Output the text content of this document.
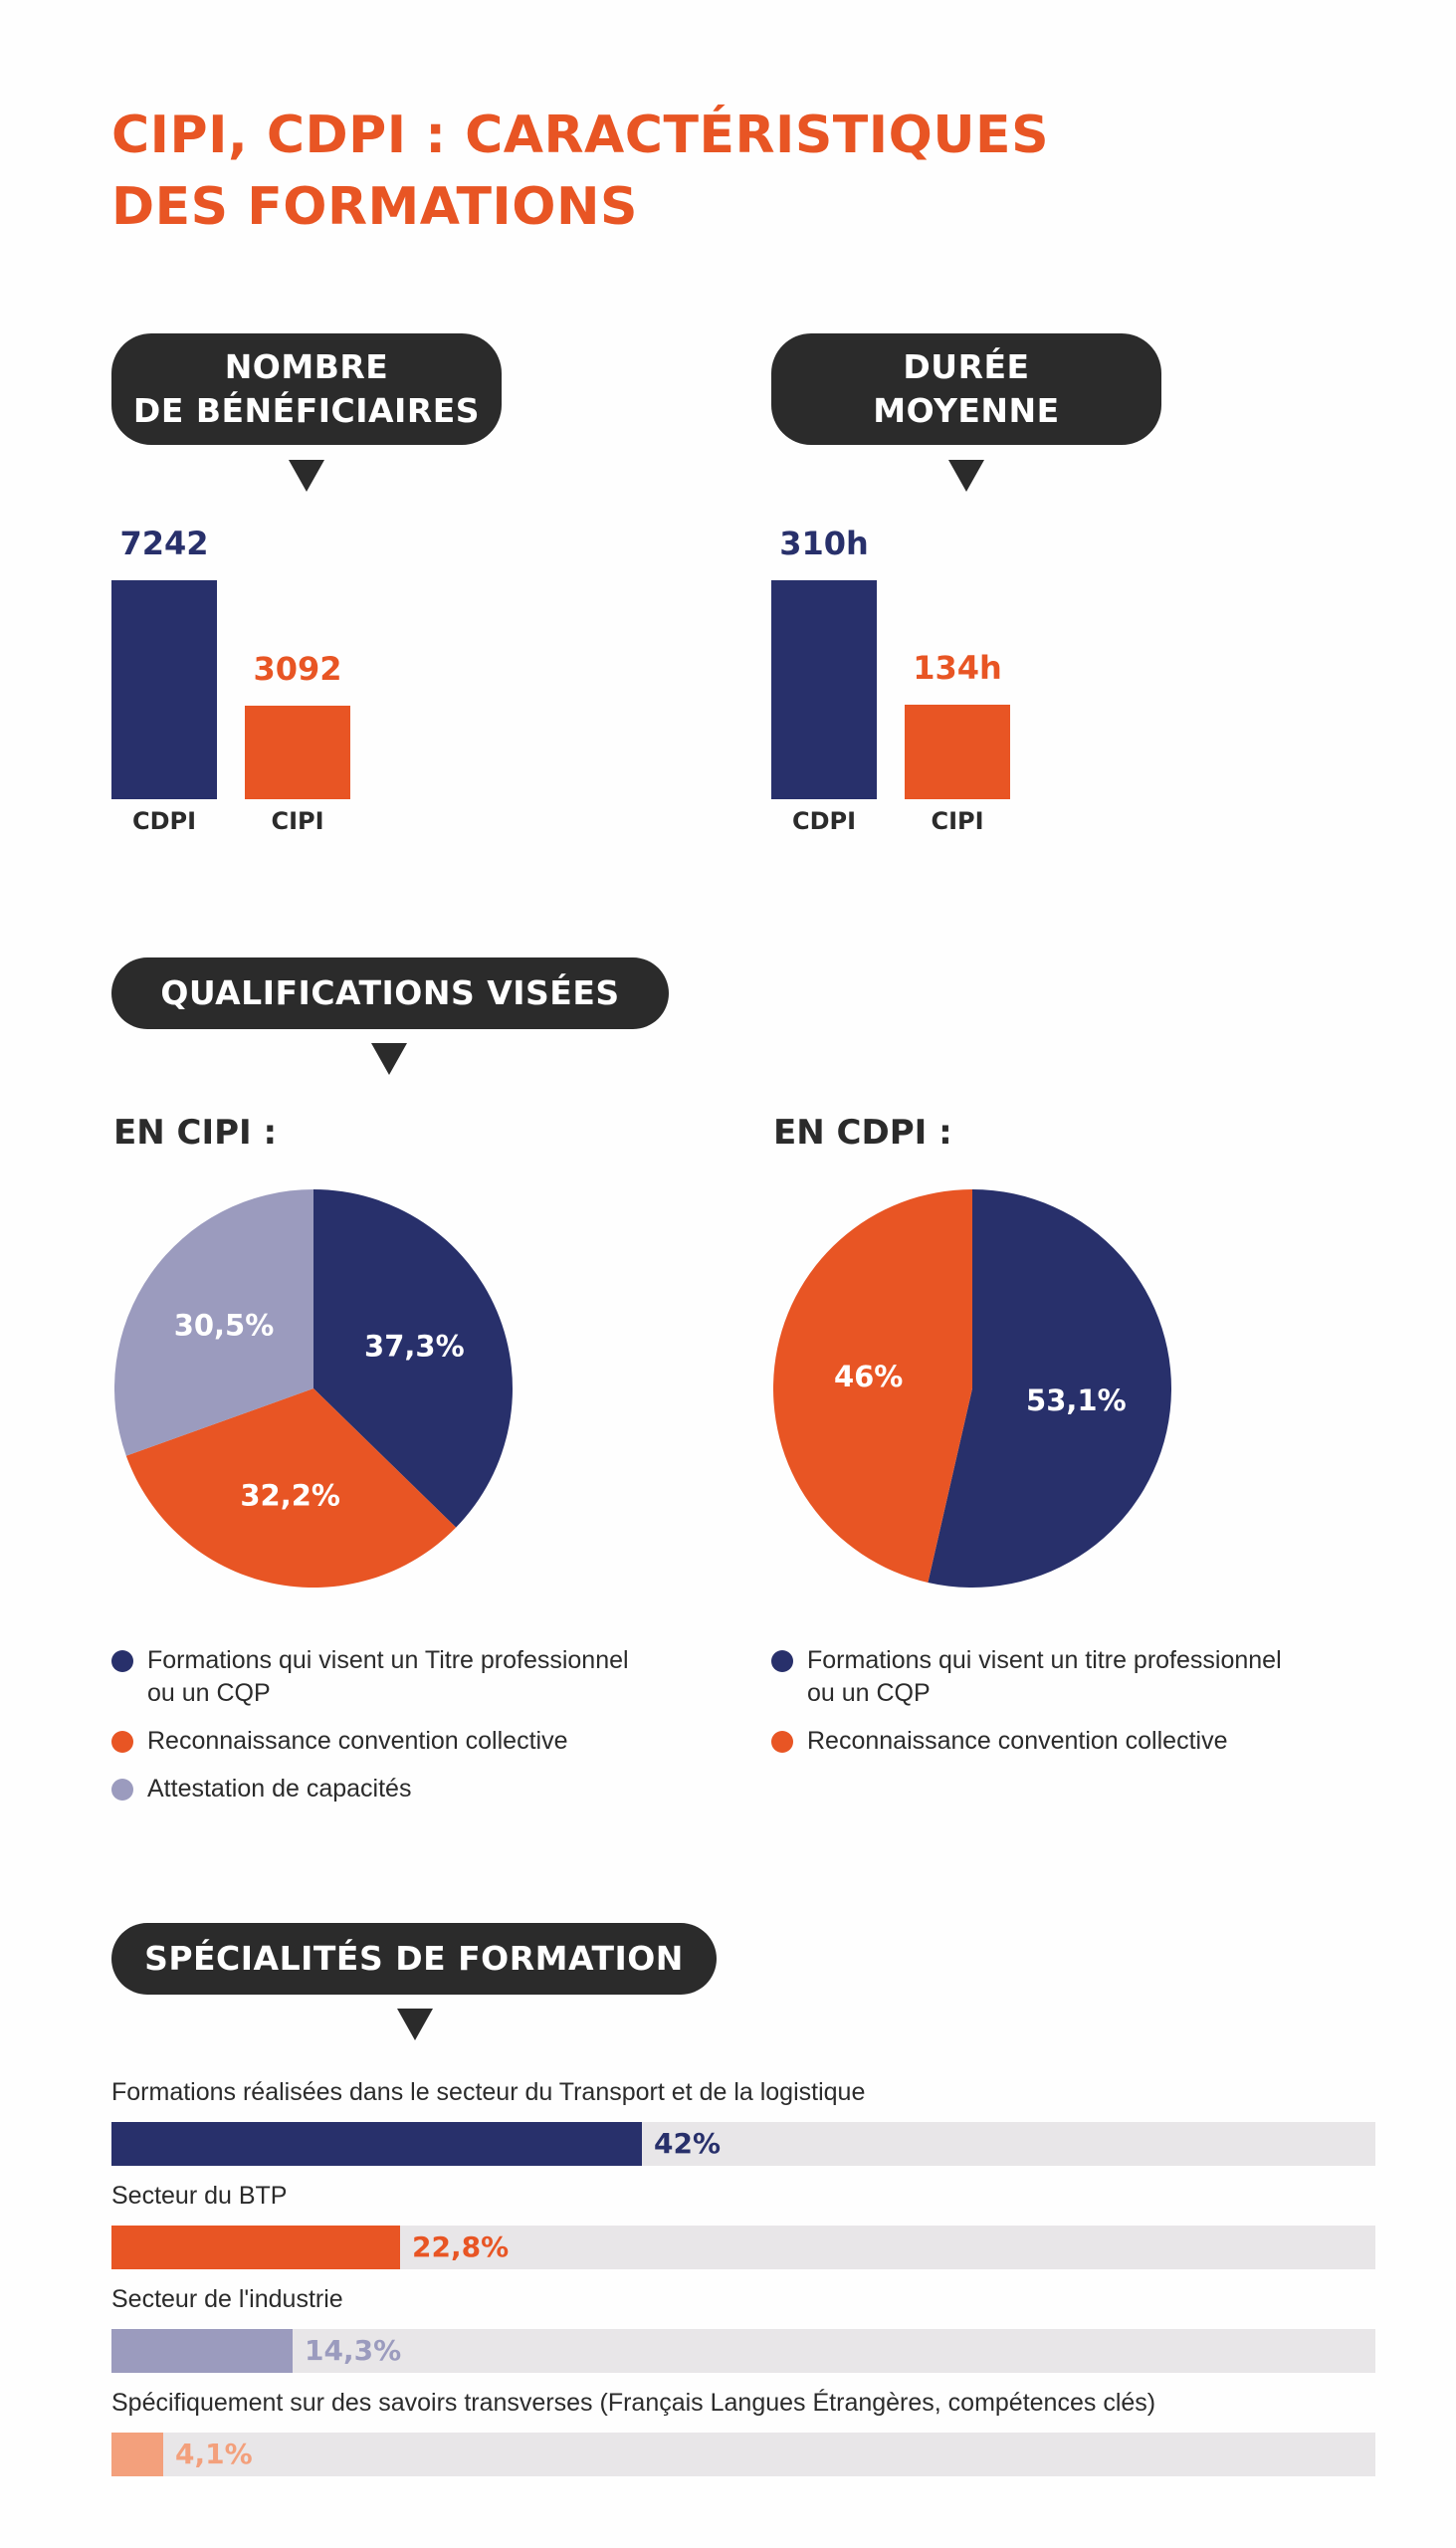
CIPI, CDPI : CARACTÉRISTIQUES
DES FORMATIONS
NOMBRE
DE BÉNÉFICIAIRES
7242
CDPI
3092
CIPI
DURÉE
MOYENNE
310h
CDPI
134h
CIPI
QUALIFICATIONS VISÉES
EN CIPI :	EN CDPI :
37,3%
32,2%
30,5%
53,1%
46%
Formations qui visent un Titre professionnel
ou un CQP
Reconnaissance convention collective
Attestation de capacités
Formations qui visent un titre professionnel
ou un CQP
Reconnaissance convention collective
SPÉCIALITÉS DE FORMATION
Formations réalisées dans le secteur du Transport et de la logistique
42%
Secteur du BTP
22,8%
Secteur de l'industrie
14,3%
Spécifiquement sur des savoirs transverses (Français Langues Étrangères, compétences clés)
4,1%
